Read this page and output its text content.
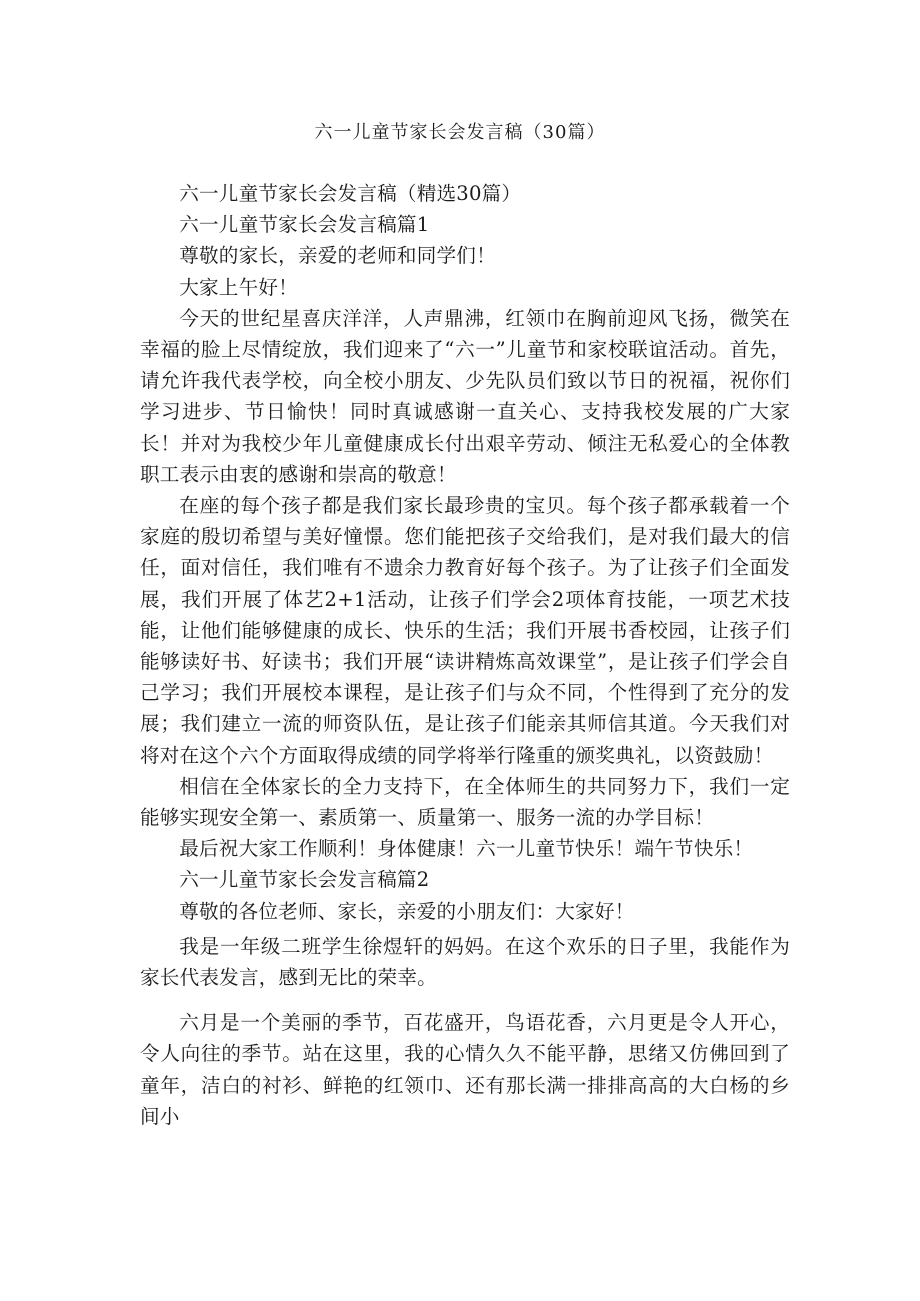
六一儿童节家长会发言稿（30篇）

六一儿童节家长会发言稿（精选30篇）

六一儿童节家长会发言稿篇1

尊敬的家长，亲爱的老师和同学们！

大家上午好！

今天的世纪星喜庆洋洋，人声鼎沸，红领巾在胸前迎风飞扬，微笑在幸福的脸上尽情绽放，我们迎来了“六一”儿童节和家校联谊活动。首先，请允许我代表学校，向全校小朋友、少先队员们致以节日的祝福，祝你们学习进步、节日愉快！同时真诚感谢一直关心、支持我校发展的广大家长！并对为我校少年儿童健康成长付出艰辛劳动、倾注无私爱心的全体教职工表示由衷的感谢和崇高的敬意！

在座的每个孩子都是我们家长最珍贵的宝贝。每个孩子都承载着一个家庭的殷切希望与美好憧憬。您们能把孩子交给我们，是对我们最大的信任，面对信任，我们唯有不遗余力教育好每个孩子。为了让孩子们全面发展，我们开展了体艺2+1活动，让孩子们学会2项体育技能，一项艺术技能，让他们能够健康的成长、快乐的生活；我们开展书香校园，让孩子们能够读好书、好读书；我们开展“读讲精炼高效课堂”，是让孩子们学会自己学习；我们开展校本课程，是让孩子们与众不同，个性得到了充分的发展；我们建立一流的师资队伍，是让孩子们能亲其师信其道。今天我们对将对在这个六个方面取得成绩的同学将举行隆重的颁奖典礼，以资鼓励！

相信在全体家长的全力支持下，在全体师生的共同努力下，我们一定能够实现安全第一、素质第一、质量第一、服务一流的办学目标！

最后祝大家工作顺利！身体健康！六一儿童节快乐！端午节快乐！

六一儿童节家长会发言稿篇2

尊敬的各位老师、家长，亲爱的小朋友们：大家好！

我是一年级二班学生徐煜轩的妈妈。在这个欢乐的日子里，我能作为家长代表发言，感到无比的荣幸。

六月是一个美丽的季节，百花盛开，鸟语花香，六月更是令人开心，令人向往的季节。站在这里，我的心情久久不能平静，思绪又仿佛回到了童年，洁白的衬衫、鲜艳的红领巾、还有那长满一排排高高的大白杨的乡间小
